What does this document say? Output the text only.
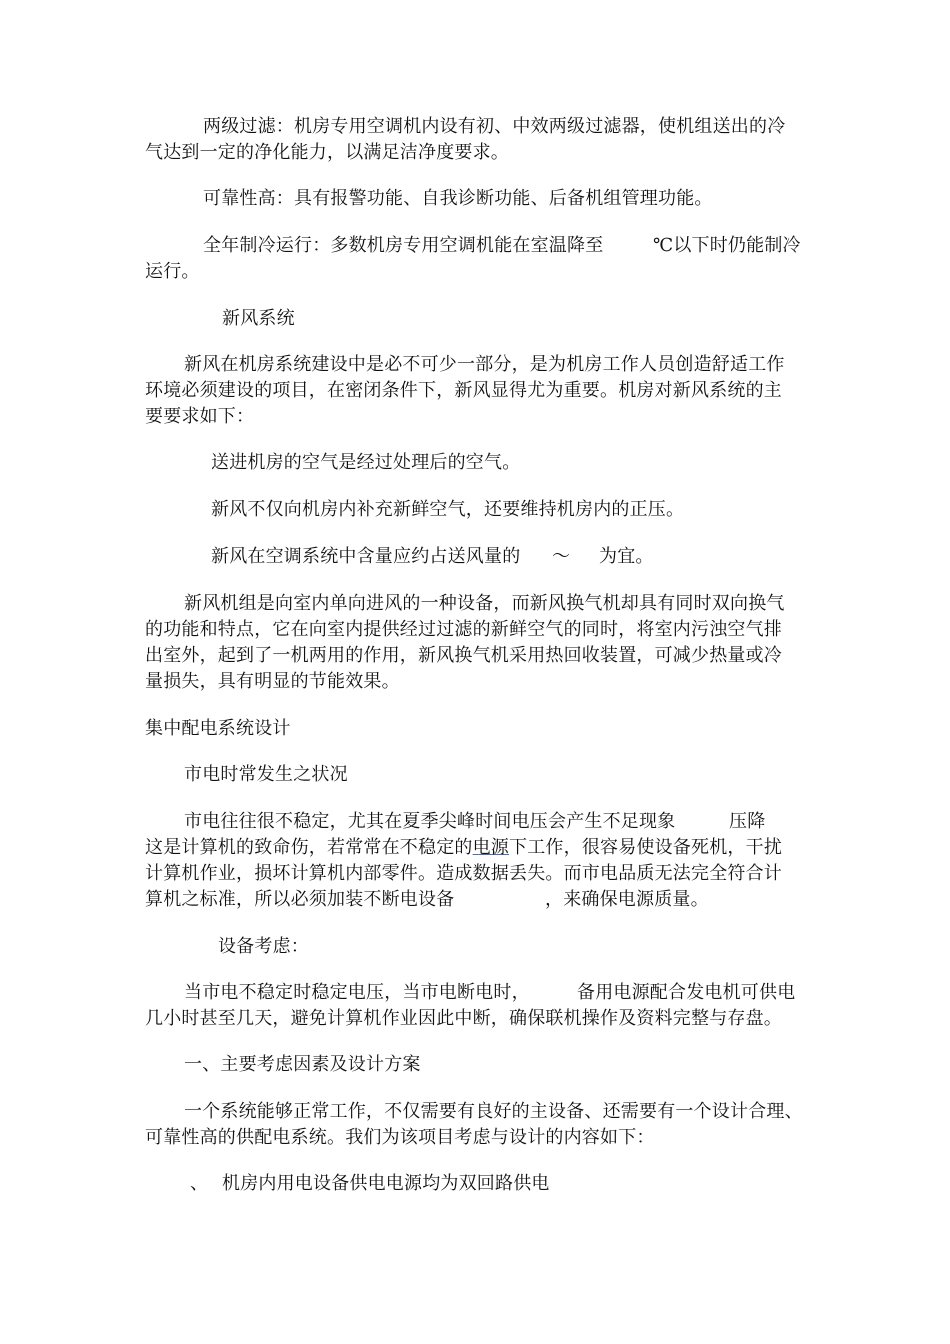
两级过滤：机房专用空调机内设有初、中效两级过滤器，使机组送出的冷
气达到一定的净化能力，以满足洁净度要求。
可靠性高：具有报警功能、自我诊断功能、后备机组管理功能。
全年制冷运行：多数机房专用空调机能在室温降至	℃以下时仍能制冷
运行。
新风系统
新风在机房系统建设中是必不可少一部分，是为机房工作人员创造舒适工作
环境必须建设的项目，在密闭条件下，新风显得尤为重要。机房对新风系统的主
要要求如下：
送进机房的空气是经过处理后的空气。
新风不仅向机房内补充新鲜空气，还要维持机房内的正压。
新风在空调系统中含量应约占送风量的 ～ 为宜。
新风机组是向室内单向进风的一种设备，而新风换气机却具有同时双向换气
的功能和特点，它在向室内提供经过过滤的新鲜空气的同时，将室内污浊空气排
出室外，起到了一机两用的作用，新风换气机采用热回收装置，可减少热量或冷
量损失，具有明显的节能效果。
集中配电系统设计
市电时常发生之状况
市电往往很不稳定，尤其在夏季尖峰时间电压会产生不足现象	压降
这是计算机的致命伤，若常常在不稳定的电源下工作，很容易使设备死机，干扰
计算机作业，损坏计算机内部零件。造成数据丢失。而市电品质无法完全符合计
算机之标准，所以必须加装不断电设备	，来确保电源质量。
设备考虑：
当市电不稳定时稳定电压，当市电断电时，	备用电源配合发电机可供电
几小时甚至几天，避免计算机作业因此中断，确保联机操作及资料完整与存盘。
一、主要考虑因素及设计方案
一个系统能够正常工作，不仅需要有良好的主设备、还需要有一个设计合理、
可靠性高的供配电系统。我们为该项目考虑与设计的内容如下：
、 机房内用电设备供电电源均为双回路供电
